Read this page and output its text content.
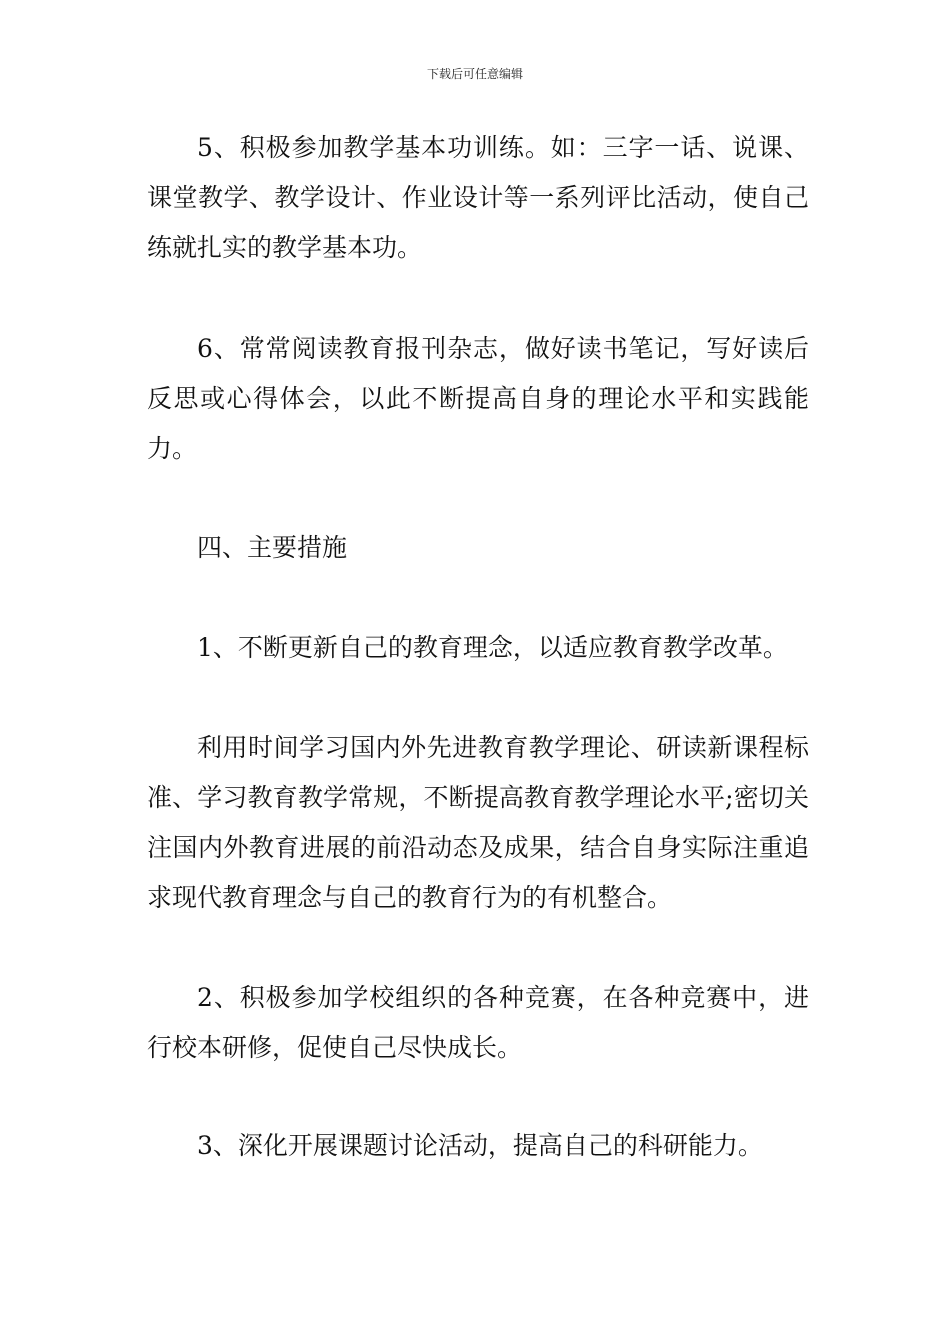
下载后可任意编辑

5、积极参加教学基本功训练。如：三字一话、说课、课堂教学、教学设计、作业设计等一系列评比活动，使自己练就扎实的教学基本功。

6、常常阅读教育报刊杂志，做好读书笔记，写好读后反思或心得体会，以此不断提高自身的理论水平和实践能力。

四、主要措施

1、不断更新自己的教育理念，以适应教育教学改革。

利用时间学习国内外先进教育教学理论、研读新课程标准、学习教育教学常规，不断提高教育教学理论水平;密切关注国内外教育进展的前沿动态及成果，结合自身实际注重追求现代教育理念与自己的教育行为的有机整合。

2、积极参加学校组织的各种竞赛，在各种竞赛中，进行校本研修，促使自己尽快成长。

3、深化开展课题讨论活动，提高自己的科研能力。
